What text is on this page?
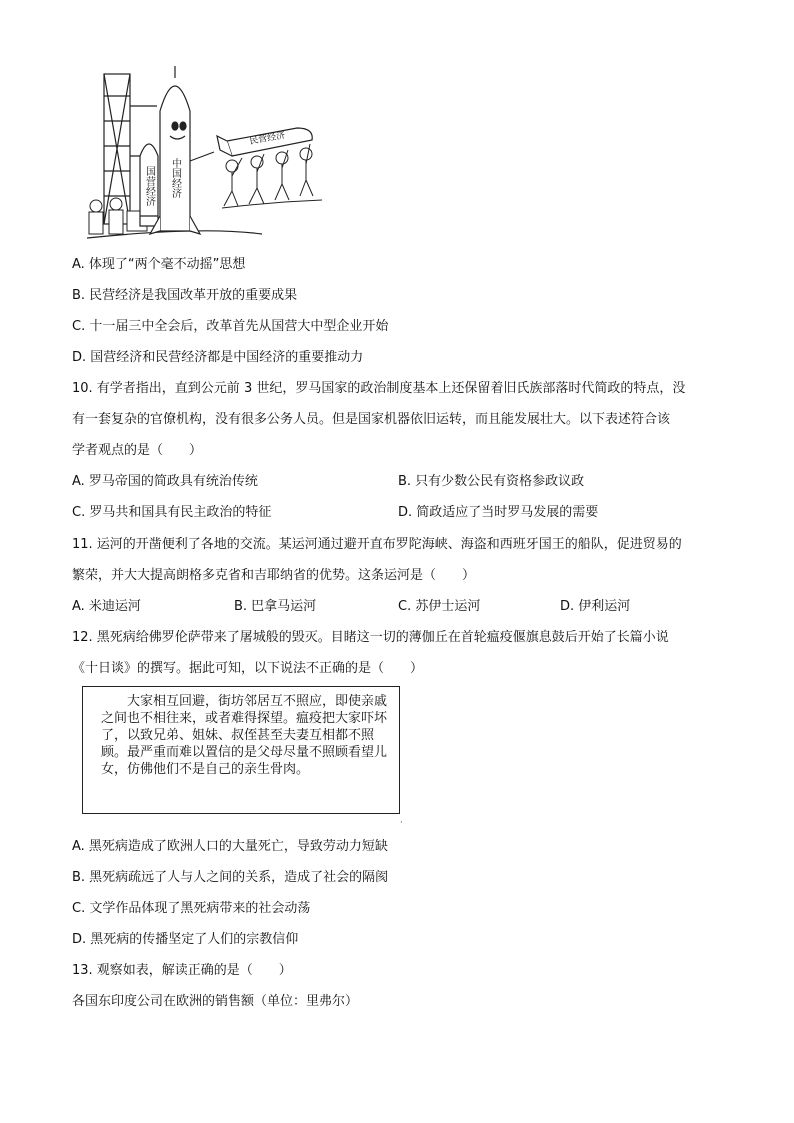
国营经济 中国经济
民营经济
A. 体现了“两个毫不动摇”思想
B. 民营经济是我国改革开放的重要成果
C. 十一届三中全会后，改革首先从国营大中型企业开始
D. 国营经济和民营经济都是中国经济的重要推动力
10. 有学者指出，直到公元前 3 世纪，罗马国家的政治制度基本上还保留着旧氏族部落时代简政的特点，没
有一套复杂的官僚机构，没有很多公务人员。但是国家机器依旧运转，而且能发展壮大。以下表述符合该
学者观点的是（　　）
A. 罗马帝国的简政具有统治传统	B. 只有少数公民有资格参政议政
C. 罗马共和国具有民主政治的特征	D. 简政适应了当时罗马发展的需要
11. 运河的开凿便利了各地的交流。某运河通过避开直布罗陀海峡、海盗和西班牙国王的船队，促进贸易的
繁荣，并大大提高朗格多克省和吉耶纳省的优势。这条运河是（　　）
A. 米迪运河	B. 巴拿马运河	C. 苏伊士运河	D. 伊利运河
12. 黑死病给佛罗伦萨带来了屠城般的毁灭。目睹这一切的薄伽丘在首轮瘟疫偃旗息鼓后开始了长篇小说
《十日谈》的撰写。据此可知，以下说法不正确的是（　　）

大家相互回避，街坊邻居互不照应，即使亲戚之间也不相往来，或者难得探望。瘟疫把大家吓坏了，以致兄弟、姐妹、叔侄甚至夫妻互相都不照顾。最严重而难以置信的是父母尽量不照顾看望儿女，仿佛他们不是自己的亲生骨肉。

·
A. 黑死病造成了欧洲人口的大量死亡，导致劳动力短缺
B. 黑死病疏远了人与人之间的关系，造成了社会的隔阂
C. 文学作品体现了黑死病带来的社会动荡
D. 黑死病的传播坚定了人们的宗教信仰
13. 观察如表，解读正确的是（　　）
各国东印度公司在欧洲的销售额（单位：里弗尔）
